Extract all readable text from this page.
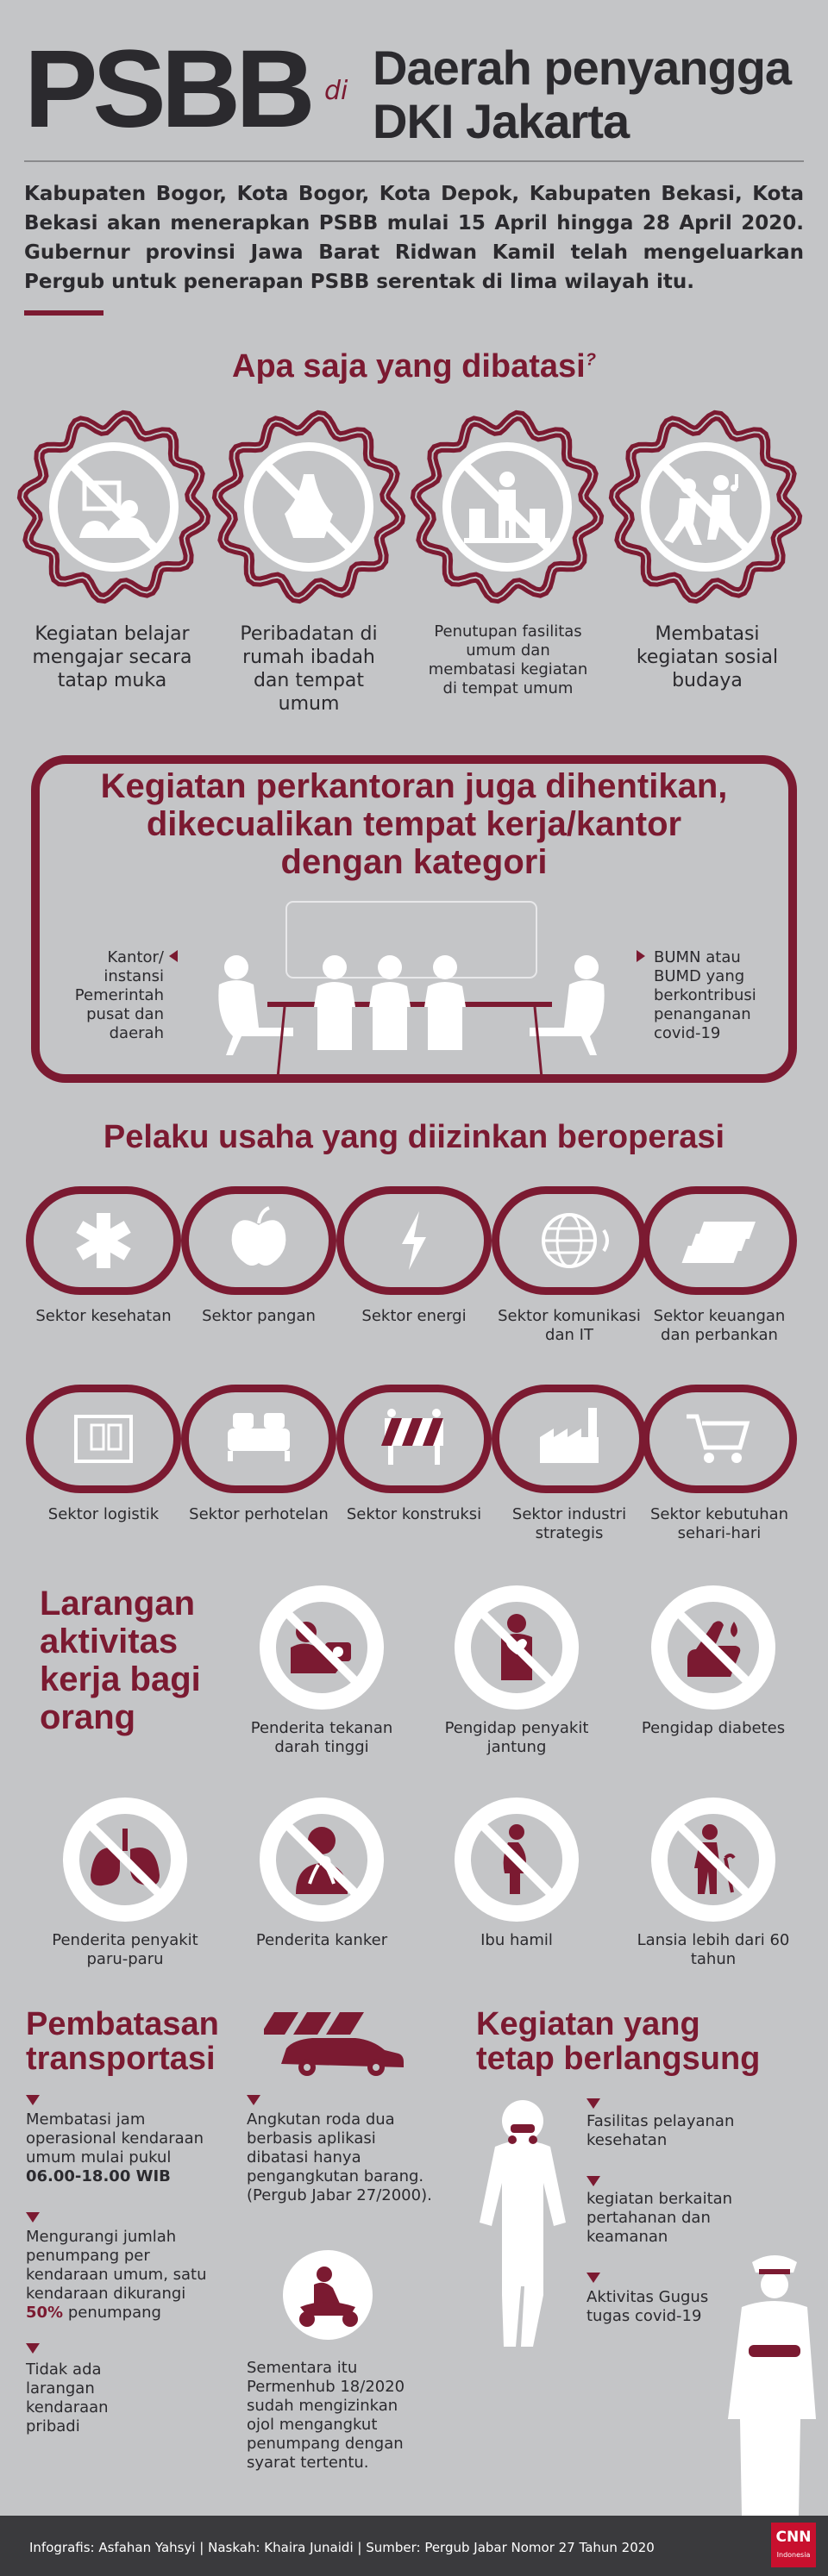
PSBB di Daerah penyangga
DKI Jakarta
Kabupaten Bogor, Kota Bogor, Kota Depok, Kabupaten Bekasi, Kota Bekasi akan menerapkan PSBB mulai 15 April hingga 28 April 2020. Gubernur provinsi Jawa Barat Ridwan Kamil telah mengeluarkan Pergub untuk penerapan PSBB serentak di lima wilayah itu.
Apa saja yang dibatasi?
Kegiatan belajar mengajar secara tatap muka
Peribadatan di rumah ibadah dan tempat umum
Penutupan fasilitas umum dan membatasi kegiatan di tempat umum
Membatasi kegiatan sosial budaya
Kegiatan perkantoran juga dihentikan,
dikecualikan tempat kerja/kantor
dengan kategori
Kantor/ instansi Pemerintah pusat dan daerah
BUMN atau BUMD yang berkontribusi penanganan covid-19
Pelaku usaha yang diizinkan beroperasi
Sektor kesehatan	Sektor pangan	Sektor energi	Sektor komunikasi dan IT
Sektor keuangan dan perbankan
Sektor logistik	Sektor perhotelan	Sektor konstruksi	Sektor industri strategis
Sektor kebutuhan sehari-hari
Larangan
aktivitas
kerja bagi
orang	Penderita tekanan darah tinggi
Pengidap penyakit jantung
Pengidap diabetes
Penderita penyakit paru-paru
Penderita kanker	Ibu hamil	Lansia lebih dari 60 tahun
Pembatasan
transportasi
Membatasi jam operasional kendaraan umum mulai pukul 06.00-18.00 WIB
Mengurangi jumlah penumpang per kendaraan umum, satu kendaraan dikurangi 50% penumpang
Tidak ada larangan kendaraan pribadi
Angkutan roda dua berbasis aplikasi dibatasi hanya pengangkutan barang. (Pergub Jabar 27/2000).
Sementara itu Permenhub 18/2020 sudah mengizinkan ojol mengangkut penumpang dengan syarat tertentu.
Kegiatan yang
tetap berlangsung
Fasilitas pelayanan kesehatan
kegiatan berkaitan pertahanan dan keamanan
Aktivitas Gugus tugas covid-19
Infografis: Asfahan Yahsyi | Naskah: Khaira Junaidi | Sumber: Pergub Jabar Nomor 27 Tahun 2020
CNN
Indonesia
